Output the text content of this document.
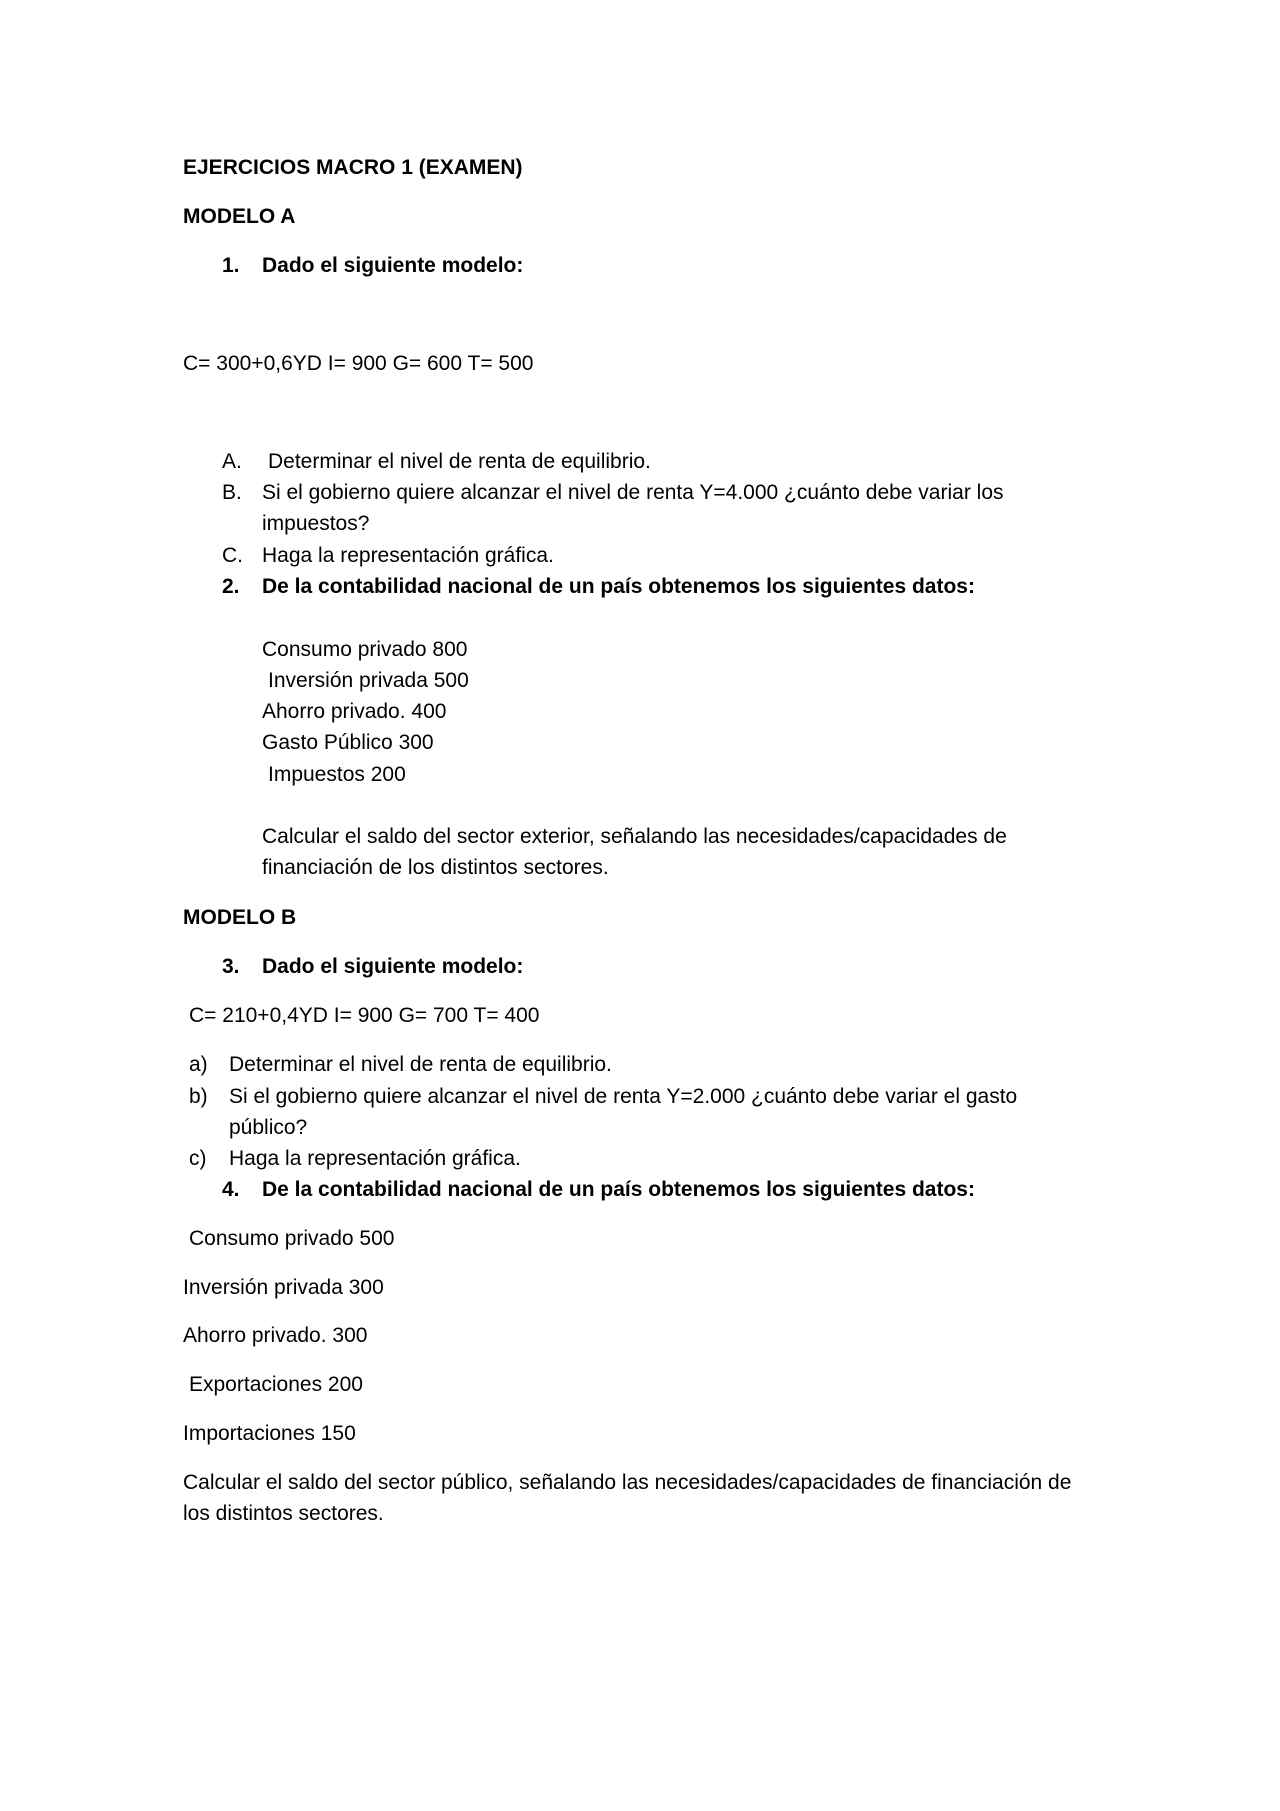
EJERCICIOS MACRO 1 (EXAMEN)
MODELO A
1. Dado el siguiente modelo:
C= 300+0,6YD I= 900 G= 600 T= 500
A. Determinar el nivel de renta de equilibrio.
B. Si el gobierno quiere alcanzar el nivel de renta Y=4.000 ¿cuánto debe variar los
impuestos?
C. Haga la representación gráfica.
2. De la contabilidad nacional de un país obtenemos los siguientes datos:
Consumo privado 800
Inversión privada 500
Ahorro privado. 400
Gasto Público 300
Impuestos 200
Calcular el saldo del sector exterior, señalando las necesidades/capacidades de
financiación de los distintos sectores.
MODELO B
3. Dado el siguiente modelo:
C= 210+0,4YD I= 900 G= 700 T= 400
a) Determinar el nivel de renta de equilibrio.
b) Si el gobierno quiere alcanzar el nivel de renta Y=2.000 ¿cuánto debe variar el gasto
público?
c) Haga la representación gráfica.
4. De la contabilidad nacional de un país obtenemos los siguientes datos:
Consumo privado 500
Inversión privada 300
Ahorro privado. 300
Exportaciones 200
Importaciones 150
Calcular el saldo del sector público, señalando las necesidades/capacidades de financiación de
los distintos sectores.
